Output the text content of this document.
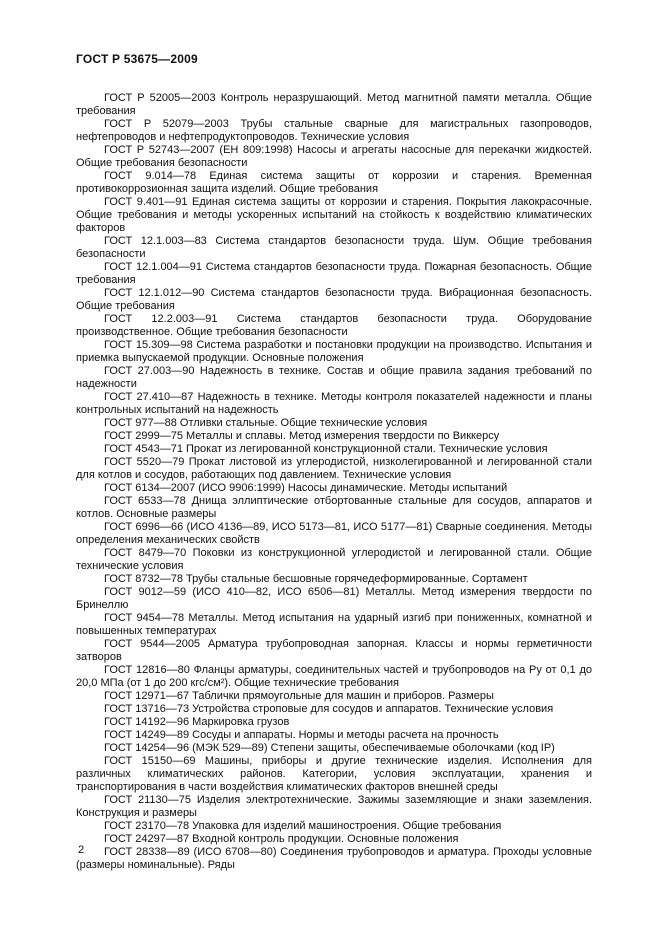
ГОСТ Р 53675—2009

ГОСТ Р 52005—2003 Контроль неразрушающий. Метод магнитной памяти металла. Общие требования

ГОСТ Р 52079—2003 Трубы стальные сварные для магистральных газопроводов, нефтепроводов и нефтепродуктопроводов. Технические условия

ГОСТ Р 52743—2007 (ЕН 809:1998) Насосы и агрегаты насосные для перекачки жидкостей. Общие требования безопасности

ГОСТ 9.014—78 Единая система защиты от коррозии и старения. Временная противокоррозионная защита изделий. Общие требования

ГОСТ 9.401—91 Единая система защиты от коррозии и старения. Покрытия лакокрасочные. Общие требования и методы ускоренных испытаний на стойкость к воздействию климатических факторов

ГОСТ 12.1.003—83 Система стандартов безопасности труда. Шум. Общие требования безопасности

ГОСТ 12.1.004—91 Система стандартов безопасности труда. Пожарная безопасность. Общие требования

ГОСТ 12.1.012—90 Система стандартов безопасности труда. Вибрационная безопасность. Общие требования

ГОСТ 12.2.003—91 Система стандартов безопасности труда. Оборудование производственное. Общие требования безопасности

ГОСТ 15.309—98 Система разработки и постановки продукции на производство. Испытания и приемка выпускаемой продукции. Основные положения

ГОСТ 27.003—90 Надежность в технике. Состав и общие правила задания требований по надежности

ГОСТ 27.410—87 Надежность в технике. Методы контроля показателей надежности и планы контрольных испытаний на надежность

ГОСТ 977—88 Отливки стальные. Общие технические условия

ГОСТ 2999—75 Металлы и сплавы. Метод измерения твердости по Виккерсу

ГОСТ 4543—71 Прокат из легированной конструкционной стали. Технические условия

ГОСТ 5520—79 Прокат листовой из углеродистой, низколегированной и легированной стали для котлов и сосудов, работающих под давлением. Технические условия

ГОСТ 6134—2007 (ИСО 9906:1999) Насосы динамические. Методы испытаний

ГОСТ 6533—78 Днища эллиптические отбортованные стальные для сосудов, аппаратов и котлов. Основные размеры

ГОСТ 6996—66 (ИСО 4136—89, ИСО 5173—81, ИСО 5177—81) Сварные соединения. Методы определения механических свойств

ГОСТ 8479—70 Поковки из конструкционной углеродистой и легированной стали. Общие технические условия

ГОСТ 8732—78 Трубы стальные бесшовные горячедеформированные. Сортамент

ГОСТ 9012—59 (ИСО 410—82, ИСО 6506—81) Металлы. Метод измерения твердости по Бринеллю

ГОСТ 9454—78 Металлы. Метод испытания на ударный изгиб при пониженных, комнатной и повышенных температурах

ГОСТ 9544—2005 Арматура трубопроводная запорная. Классы и нормы герметичности затворов

ГОСТ 12816—80 Фланцы арматуры, соединительных частей и трубопроводов на Ру от 0,1 до 20,0 МПа (от 1 до 200 кгс/см²). Общие технические требования

ГОСТ 12971—67 Таблички прямоугольные для машин и приборов. Размеры

ГОСТ 13716—73 Устройства строповые для сосудов и аппаратов. Технические условия

ГОСТ 14192—96 Маркировка грузов

ГОСТ 14249—89 Сосуды и аппараты. Нормы и методы расчета на прочность

ГОСТ 14254—96 (МЭК 529—89) Степени защиты, обеспечиваемые оболочками (код IP)

ГОСТ 15150—69 Машины, приборы и другие технические изделия. Исполнения для различных климатических районов. Категории, условия эксплуатации, хранения и транспортирования в части воздействия климатических факторов внешней среды

ГОСТ 21130—75 Изделия электротехнические. Зажимы заземляющие и знаки заземления. Конструкция и размеры

ГОСТ 23170—78 Упаковка для изделий машиностроения. Общие требования

ГОСТ 24297—87 Входной контроль продукции. Основные положения

ГОСТ 28338—89 (ИСО 6708—80) Соединения трубопроводов и арматура. Проходы условные (размеры номинальные). Ряды

2
